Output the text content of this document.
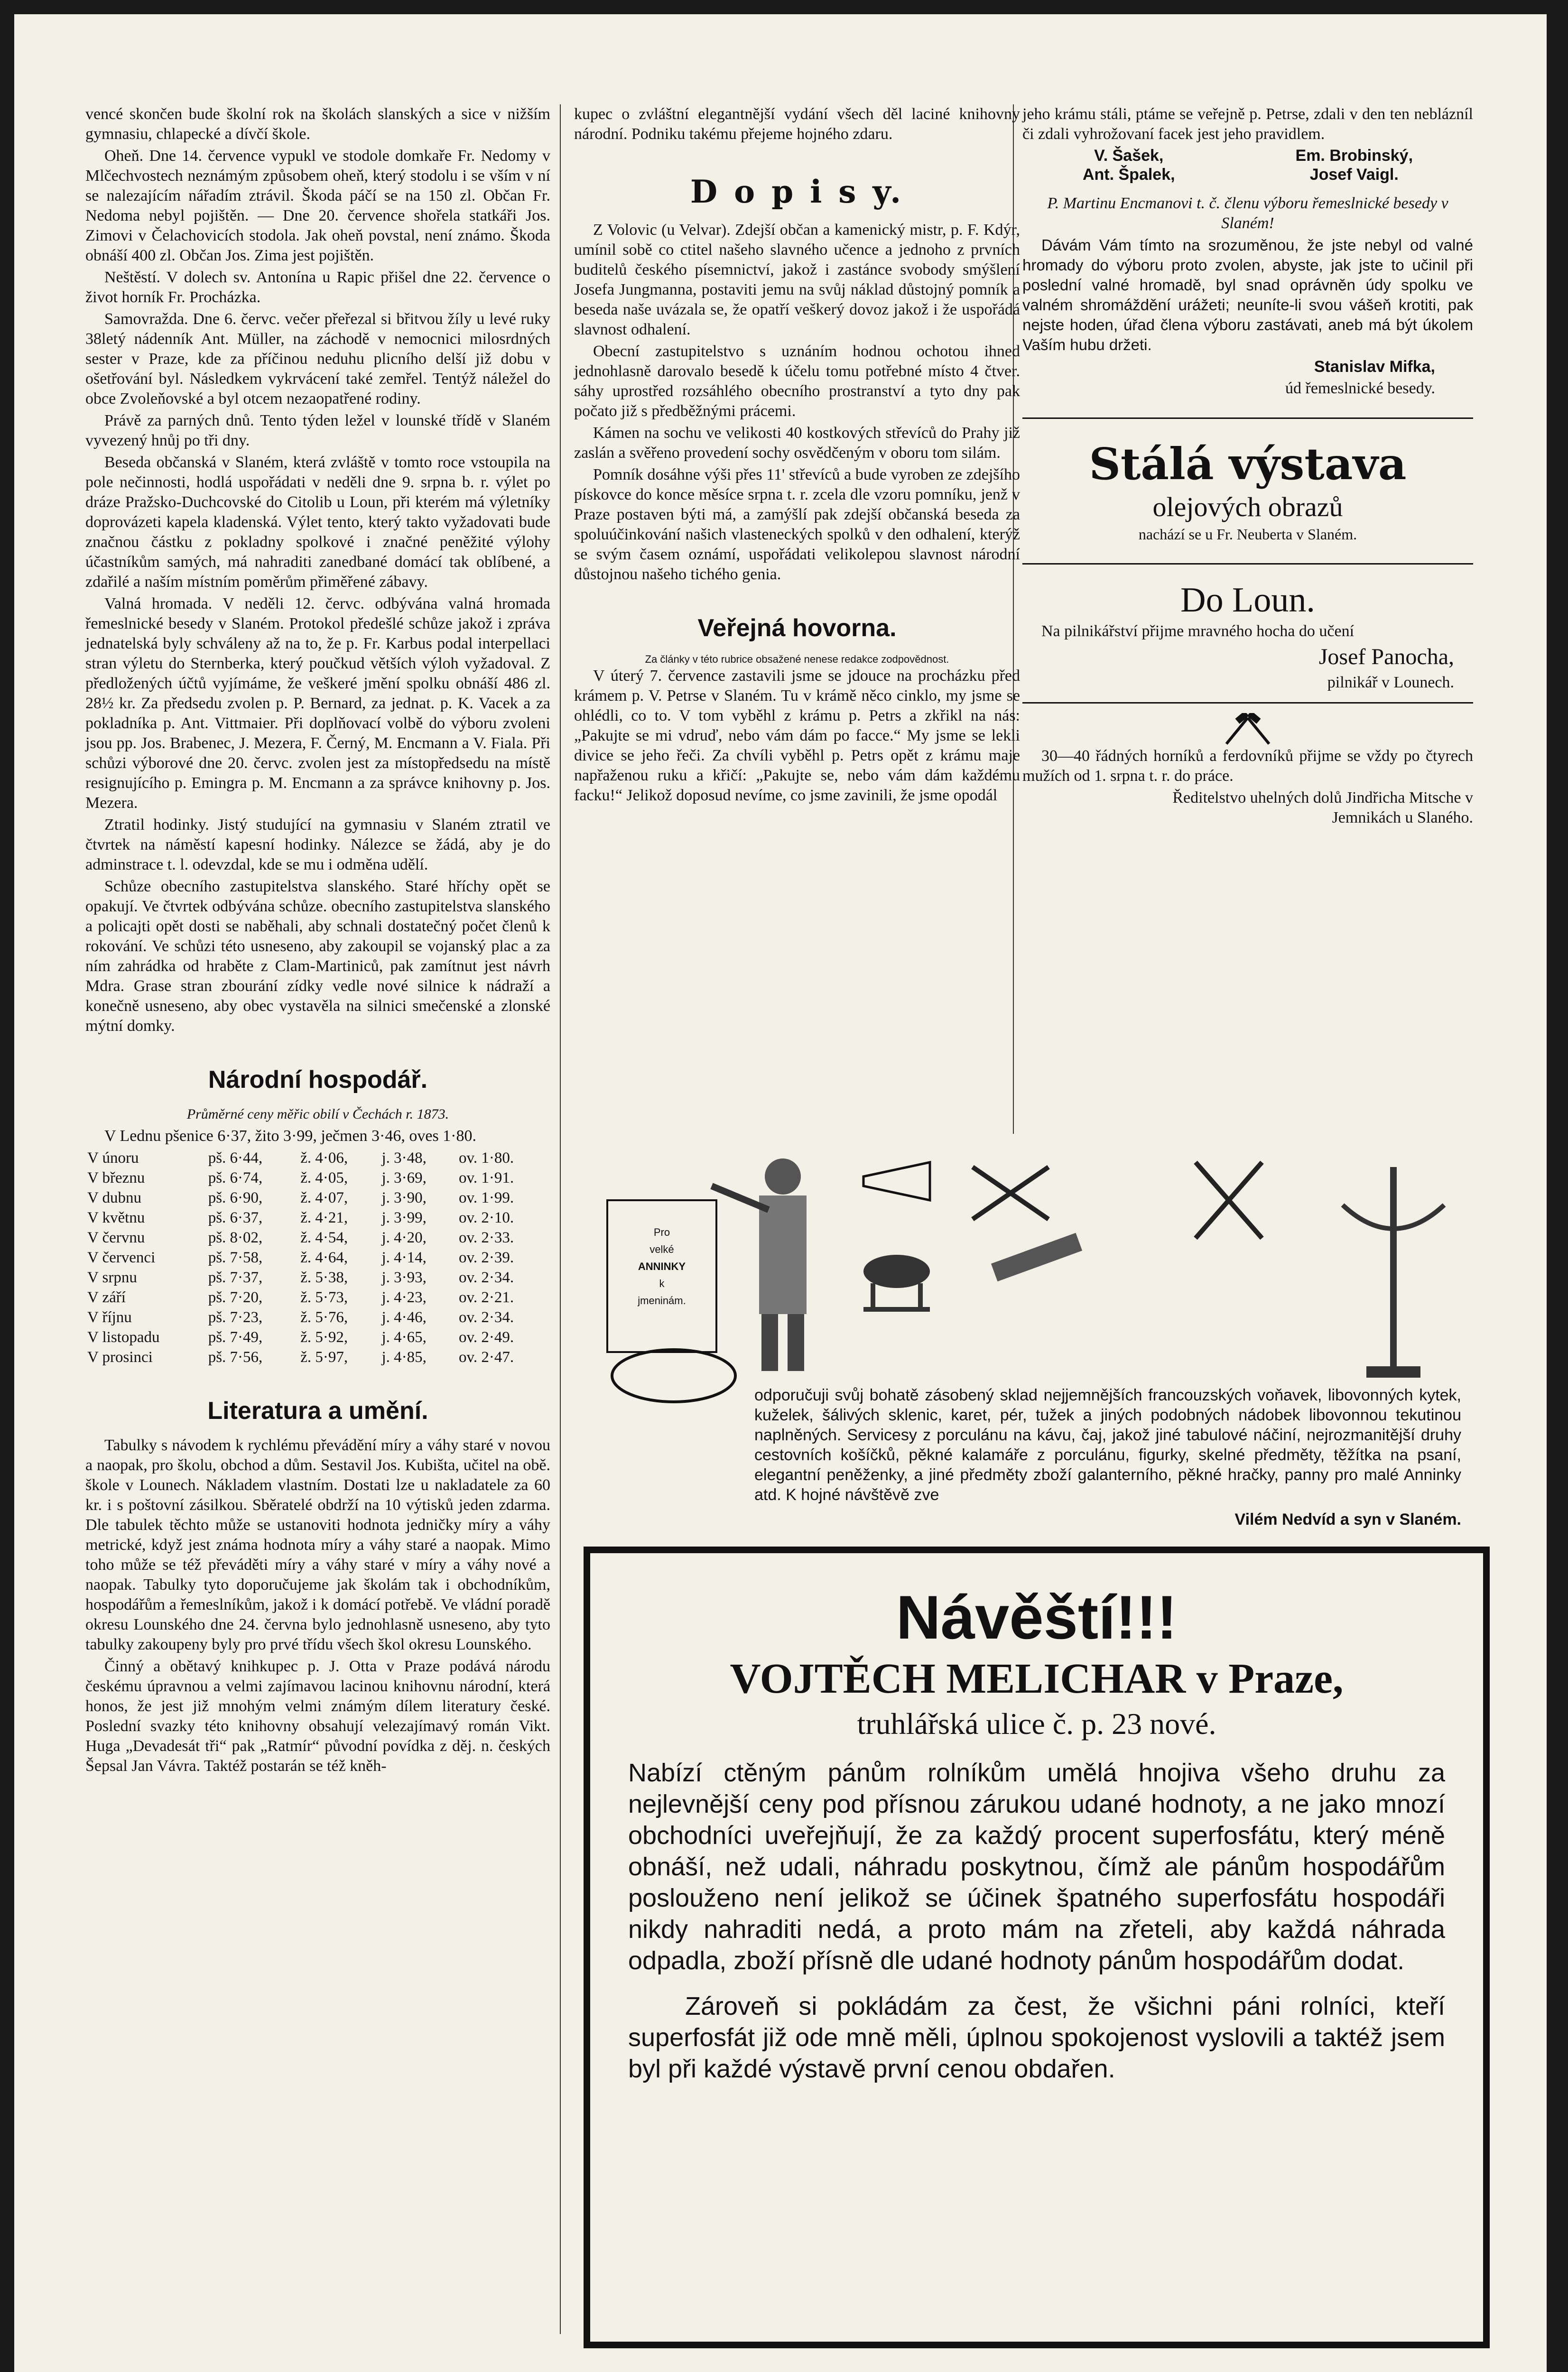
vencé skončen bude školní rok na školách slanských a sice v nižším gymnasiu, chlapecké a dívčí škole.

Oheň. Dne 14. července vypukl ve stodole domkaře Fr. Nedomy v Mlčechvostech neznámým způsobem oheň, který stodolu i se vším v ní se nalezajícím nářadím ztrávil. Škoda páčí se na 150 zl. Občan Fr. Nedoma nebyl pojištěn. — Dne 20. července shořela statkáři Jos. Zimovi v Čelachovicích stodola. Jak oheň povstal, není známo. Škoda obnáší 400 zl. Občan Jos. Zima jest pojištěn.

Neštěstí. V dolech sv. Antonína u Rapic přišel dne 22. července o život horník Fr. Procházka.

Samovražda. Dne 6. červc. večer přeřezal si břitvou žíly u levé ruky 38letý nádenník Ant. Müller, na záchodě v nemocnici milosrdných sester v Praze, kde za příčinou neduhu plicního delší již dobu v ošetřování byl. Následkem vykrvácení také zemřel. Tentýž náležel do obce Zvoleňovské a byl otcem nezaopatřené rodiny.

Právě za parných dnů. Tento týden ležel v lounské třídě v Slaném vyvezený hnůj po tři dny.

Beseda občanská v Slaném, která zvláště v tomto roce vstoupila na pole nečinnosti, hodlá uspořádati v neděli dne 9. srpna b. r. výlet po dráze Pražsko-Duchcovské do Citolib u Loun, při kterém má výletníky doprovázeti kapela kladenská. Výlet tento, který takto vyžadovati bude značnou částku z pokladny spolkové i značné peněžité výlohy účastníkům samých, má nahraditi zanedbané domácí tak oblíbené, a zdařilé a naším místním poměrům přiměřené zábavy.

Valná hromada. V neděli 12. červc. odbývána valná hromada řemeslnické besedy v Slaném. Protokol předešlé schůze jakož i zpráva jednatelská byly schváleny až na to, že p. Fr. Karbus podal interpellaci stran výletu do Sternberka, který poučkud větších výloh vyžadoval. Z předložených účtů vyjímáme, že veškeré jmění spolku obnáší 486 zl. 28½ kr. Za předsedu zvolen p. P. Bernard, za jednat. p. K. Vacek a za pokladníka p. Ant. Vittmaier. Při doplňovací volbě do výboru zvoleni jsou pp. Jos. Brabenec, J. Mezera, F. Černý, M. Encmann a V. Fiala. Při schůzi výborové dne 20. červc. zvolen jest za místopředsedu na místě resignujícího p. Emingra p. M. Encmann a za správce knihovny p. Jos. Mezera.

Ztratil hodinky. Jistý studující na gymnasiu v Slaném ztratil ve čtvrtek na náměstí kapesní hodinky. Nálezce se žádá, aby je do adminstrace t. l. odevzdal, kde se mu i odměna udělí.

Schůze obecního zastupitelstva slanského. Staré hříchy opět se opakují. Ve čtvrtek odbývána schůze. obecního zastupitelstva slanského a policajti opět dosti se naběhali, aby schnali dostatečný počet členů k rokování. Ve schůzi této usneseno, aby zakoupil se vojanský plac a za ním zahrádka od hraběte z Clam-Martiniců, pak zamítnut jest návrh Mdra. Grase stran zbourání zídky vedle nové silnice k nádraží a konečně usneseno, aby obec vystavěla na silnici smečenské a zlonské mýtní domky.

Národní hospodář.

Průměrné ceny měřic obilí v Čechách r. 1873.

V Lednu pšenice 6·37, žito 3·99, ječmen 3·46, oves 1·80.

V únoru	pš. 6·44,	ž. 4·06,	j. 3·48,	ov. 1·80.
V březnu	pš. 6·74,	ž. 4·05,	j. 3·69,	ov. 1·91.
V dubnu	pš. 6·90,	ž. 4·07,	j. 3·90,	ov. 1·99.
V květnu	pš. 6·37,	ž. 4·21,	j. 3·99,	ov. 2·10.
V červnu	pš. 8·02,	ž. 4·54,	j. 4·20,	ov. 2·33.
V červenci	pš. 7·58,	ž. 4·64,	j. 4·14,	ov. 2·39.
V srpnu	pš. 7·37,	ž. 5·38,	j. 3·93,	ov. 2·34.
V září	pš. 7·20,	ž. 5·73,	j. 4·23,	ov. 2·21.
V říjnu	pš. 7·23,	ž. 5·76,	j. 4·46,	ov. 2·34.
V listopadu	pš. 7·49,	ž. 5·92,	j. 4·65,	ov. 2·49.
V prosinci	pš. 7·56,	ž. 5·97,	j. 4·85,	ov. 2·47.
Literatura a umění.

Tabulky s návodem k rychlému převádění míry a váhy staré v novou a naopak, pro školu, obchod a dům. Sestavil Jos. Kubišta, učitel na obě. škole v Lounech. Nákladem vlastním. Dostati lze u nakladatele za 60 kr. i s poštovní zásilkou. Sběratelé obdrží na 10 výtisků jeden zdarma. Dle tabulek těchto může se ustanoviti hodnota jedničky míry a váhy metrické, když jest známa hodnota míry a váhy staré a naopak. Mimo toho může se též převáděti míry a váhy staré v míry a váhy nové a naopak. Tabulky tyto doporučujeme jak školám tak i obchodníkům, hospodářům a řemeslníkům, jakož i k domácí potřebě. Ve vládní poradě okresu Lounského dne 24. června bylo jednohlasně usneseno, aby tyto tabulky zakoupeny byly pro prvé třídu všech škol okresu Lounského.

Činný a obětavý knihkupec p. J. Otta v Praze podává národu českému úpravnou a velmi zajímavou lacinou knihovnu národní, která honos, že jest již mnohým velmi známým dílem literatury české. Poslední svazky této knihovny obsahují velezajímavý román Vikt. Huga „Devadesát tři“ pak „Ratmír“ původní povídka z děj. n. českých Šepsal Jan Vávra. Taktéž postarán se též kněh-

kupec o zvláštní elegantnější vydání všech děl laciné knihovny národní. Podniku takému přejeme hojného zdaru.

D o p i s y.

Z Volovic (u Velvar). Zdejší občan a kamenický mistr, p. F. Kdýr, umínil sobě co ctitel našeho slavného učence a jednoho z prvních buditelů českého písemnictví, jakož i zastánce svobody smýšlení Josefa Jungmanna, postaviti jemu na svůj náklad důstojný pomník a beseda naše uvázala se, že opatří veškerý dovoz jakož i že uspořádá slavnost odhalení.

Obecní zastupitelstvo s uznáním hodnou ochotou ihned jednohlasně darovalo besedě k účelu tomu potřebné místo 4 čtver. sáhy uprostřed rozsáhlého obecního prostranství a tyto dny pak počato již s předběžnými prácemi.

Kámen na sochu ve velikosti 40 kostkových střevíců do Prahy již zaslán a svěřeno provedení sochy osvědčeným v oboru tom silám.

Pomník dosáhne výši přes 11' střevíců a bude vyroben ze zdejšího pískovce do konce měsíce srpna t. r. zcela dle vzoru pomníku, jenž v Praze postaven býti má, a zamýšlí pak zdejší občanská beseda za spoluúčinkování našich vlasteneckých spolků v den odhalení, kterýž se svým časem oznámí, uspořádati velikolepou slavnost národní důstojnou našeho tichého genia.

Veřejná hovorna.
Za články v této rubrice obsažené nenese redakce zodpovědnost.

V úterý 7. července zastavili jsme se jdouce na procházku před krámem p. V. Petrse v Slaném. Tu v krámě něco cinklo, my jsme se ohlédli, co to. V tom vyběhl z krámu p. Petrs a zkřikl na nás: „Pakujte se mi vdruď, nebo vám dám po facce.“ My jsme se lekli divice se jeho řeči. Za chvíli vyběhl p. Petrs opět z krámu maje napřaženou ruku a křičí: „Pakujte se, nebo vám dám každému facku!“ Jelikož doposud nevíme, co jsme zavinili, že jsme opodál

jeho krámu stáli, ptáme se veřejně p. Petrse, zdali v den ten neblázníl či zdali vyhrožovaní facek jest jeho pravidlem.

V. Šašek,
Ant. Špalek,
Em. Brobinský,
Josef Vaigl.

P. Martinu Encmanovi t. č. členu výboru řemeslnické besedy v Slaném!

Dávám Vám tímto na srozuměnou, že jste nebyl od valné hromady do výboru proto zvolen, abyste, jak jste to učinil při poslední valné hromadě, byl snad oprávněn údy spolku ve valném shromáždění urážeti; neuníte-li svou vášeň krotiti, pak nejste hoden, úřad člena výboru zastávati, aneb má být úkolem Vaším hubu držeti.

Stanislav Mifka,

úd řemeslnické besedy.

Stálá výstava
olejových obrazů
nachází se u Fr. Neuberta v Slaném.
Do Loun.

Na pilnikářství přijme mravného hocha do učení

Josef Panocha,

pilnikář v Lounech.

30—40 řádných horníků a ferdovníků přijme se vždy po čtyrech mužích od 1. srpna t. r. do práce.

Ředitelstvo uhelných dolů Jindřicha Mitsche v Jemnikách u Slaného.

Pro
velké
ANNINKY
k
jmeninám.
odporučuji svůj bohatě zásobený sklad nejjemnějších francouzských voňavek, libovonných kytek, kuželek, šálivých sklenic, karet, pér, tužek a jiných podobných nádobek libovonnou tekutinou naplněných. Servicesy z porculánu na kávu, čaj, jakož jiné tabulové náčiní, nejrozmanitější druhy cestovních košíčků, pěkné kalamáře z porculánu, figurky, skelné předměty, těžítka na psaní, elegantní peněženky, a jiné předměty zboží galanterního, pěkné hračky, panny pro malé Anninky atd. K hojné návštěvě zve
Vilém Nedvíd a syn v Slaném.
Návěští!!!
VOJTĚCH MELICHAR v Praze,
truhlářská ulice č. p. 23 nové.
Nabízí ctěným pánům rolníkům umělá hnojiva všeho druhu za nejlevnější ceny pod přísnou zárukou udané hodnoty, a ne jako mnozí obchodníci uveřejňují, že za každý procent superfosfátu, který méně obnáší, než udali, náhradu poskytnou, čímž ale pánům hospodářům poslouženo není jelikož se účinek špatného superfosfátu hospodáři nikdy nahraditi nedá, a proto mám na zřeteli, aby každá náhrada odpadla, zboží přísně dle udané hodnoty pánům hospodářům dodat.
Zároveň si pokládám za čest, že všichni páni rolníci, kteří superfosfát již ode mně měli, úplnou spokojenost vyslovili a taktéž jsem byl při každé výstavě první cenou obdařen.
